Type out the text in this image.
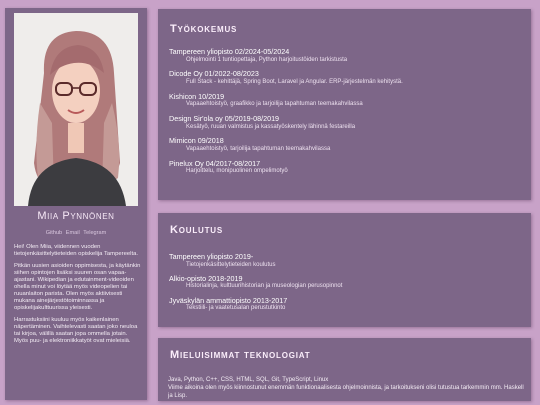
Miia Pynnönen
Github Email Telegram

Hei! Olen Miia, viidennen vuoden tietojenkäsittelytieteiden opiskelija Tampereelta.

Pitkän uusien asioiden oppimisesta, ja käytänkin siihen opintojen lisäksi suuren osan vapaa-ajastani. Wikipedian ja edutainment-videoiden ohella minut voi löytää myös videopelien tai ruuanlaiton parista. Olen myös aktiivisesti mukana ainejärjestötoiminnassa ja opiskelijakulttuurissa yleisesti.

Harrastuksiini kuuluu myös kaikenlainen näpertäminen. Vaihtelevasti saatan joko neuloa tai kirjoa, välillä saatan jopa ommella jotain. Myös puu- ja elektroniikkatyöt ovat mieleisiä.

Työkokemus
Tampereen yliopisto 02/2024-05/2024
Ohjelmointi 1 tuntiopettaja, Python harjoitustöiden tarkistusta
Dicode Oy 01/2022-08/2023
Full Stack - kehittäjä, Spring Boot, Laravel ja Angular. ERP-järjestelmän kehitystä.
Kishicon 10/2019
Vapaaehtoistyö, graafikko ja tarjoilija tapahtuman teemakahvilassa
Design Sir'ola oy 05/2019-08/2019
Kesätyö, ruuan valmistus ja kassatyöskentely lähinnä festareilla
Mimicon 09/2018
Vapaaehtoistyö, tarjoilija tapahtuman teemakahvilassa
Pinelux Oy 04/2017-08/2017
Harjoittelu, monipuolinen ompelimotyö
Koulutus
Tampereen yliopisto 2019-
Tietojenkäsittelytieteiden koulutus
Alkio-opisto 2018-2019
Historialinja, kulttuurihistorian ja museologian perusopinnot
Jyväskylän ammattiopisto 2013-2017
Tekstiili- ja vaatetusalan perustutkinto
Mieluisimmat teknologiat
Java, Python, C++, CSS, HTML, SQL, Git, TypeScript, Linux
Viime aikoina olen myös kiinnostunut enemmän funktionaalisesta ohjelmoinnista, ja tarkoitukseni olisi tutustua tarkemmin mm. Haskell ja Lisp.
